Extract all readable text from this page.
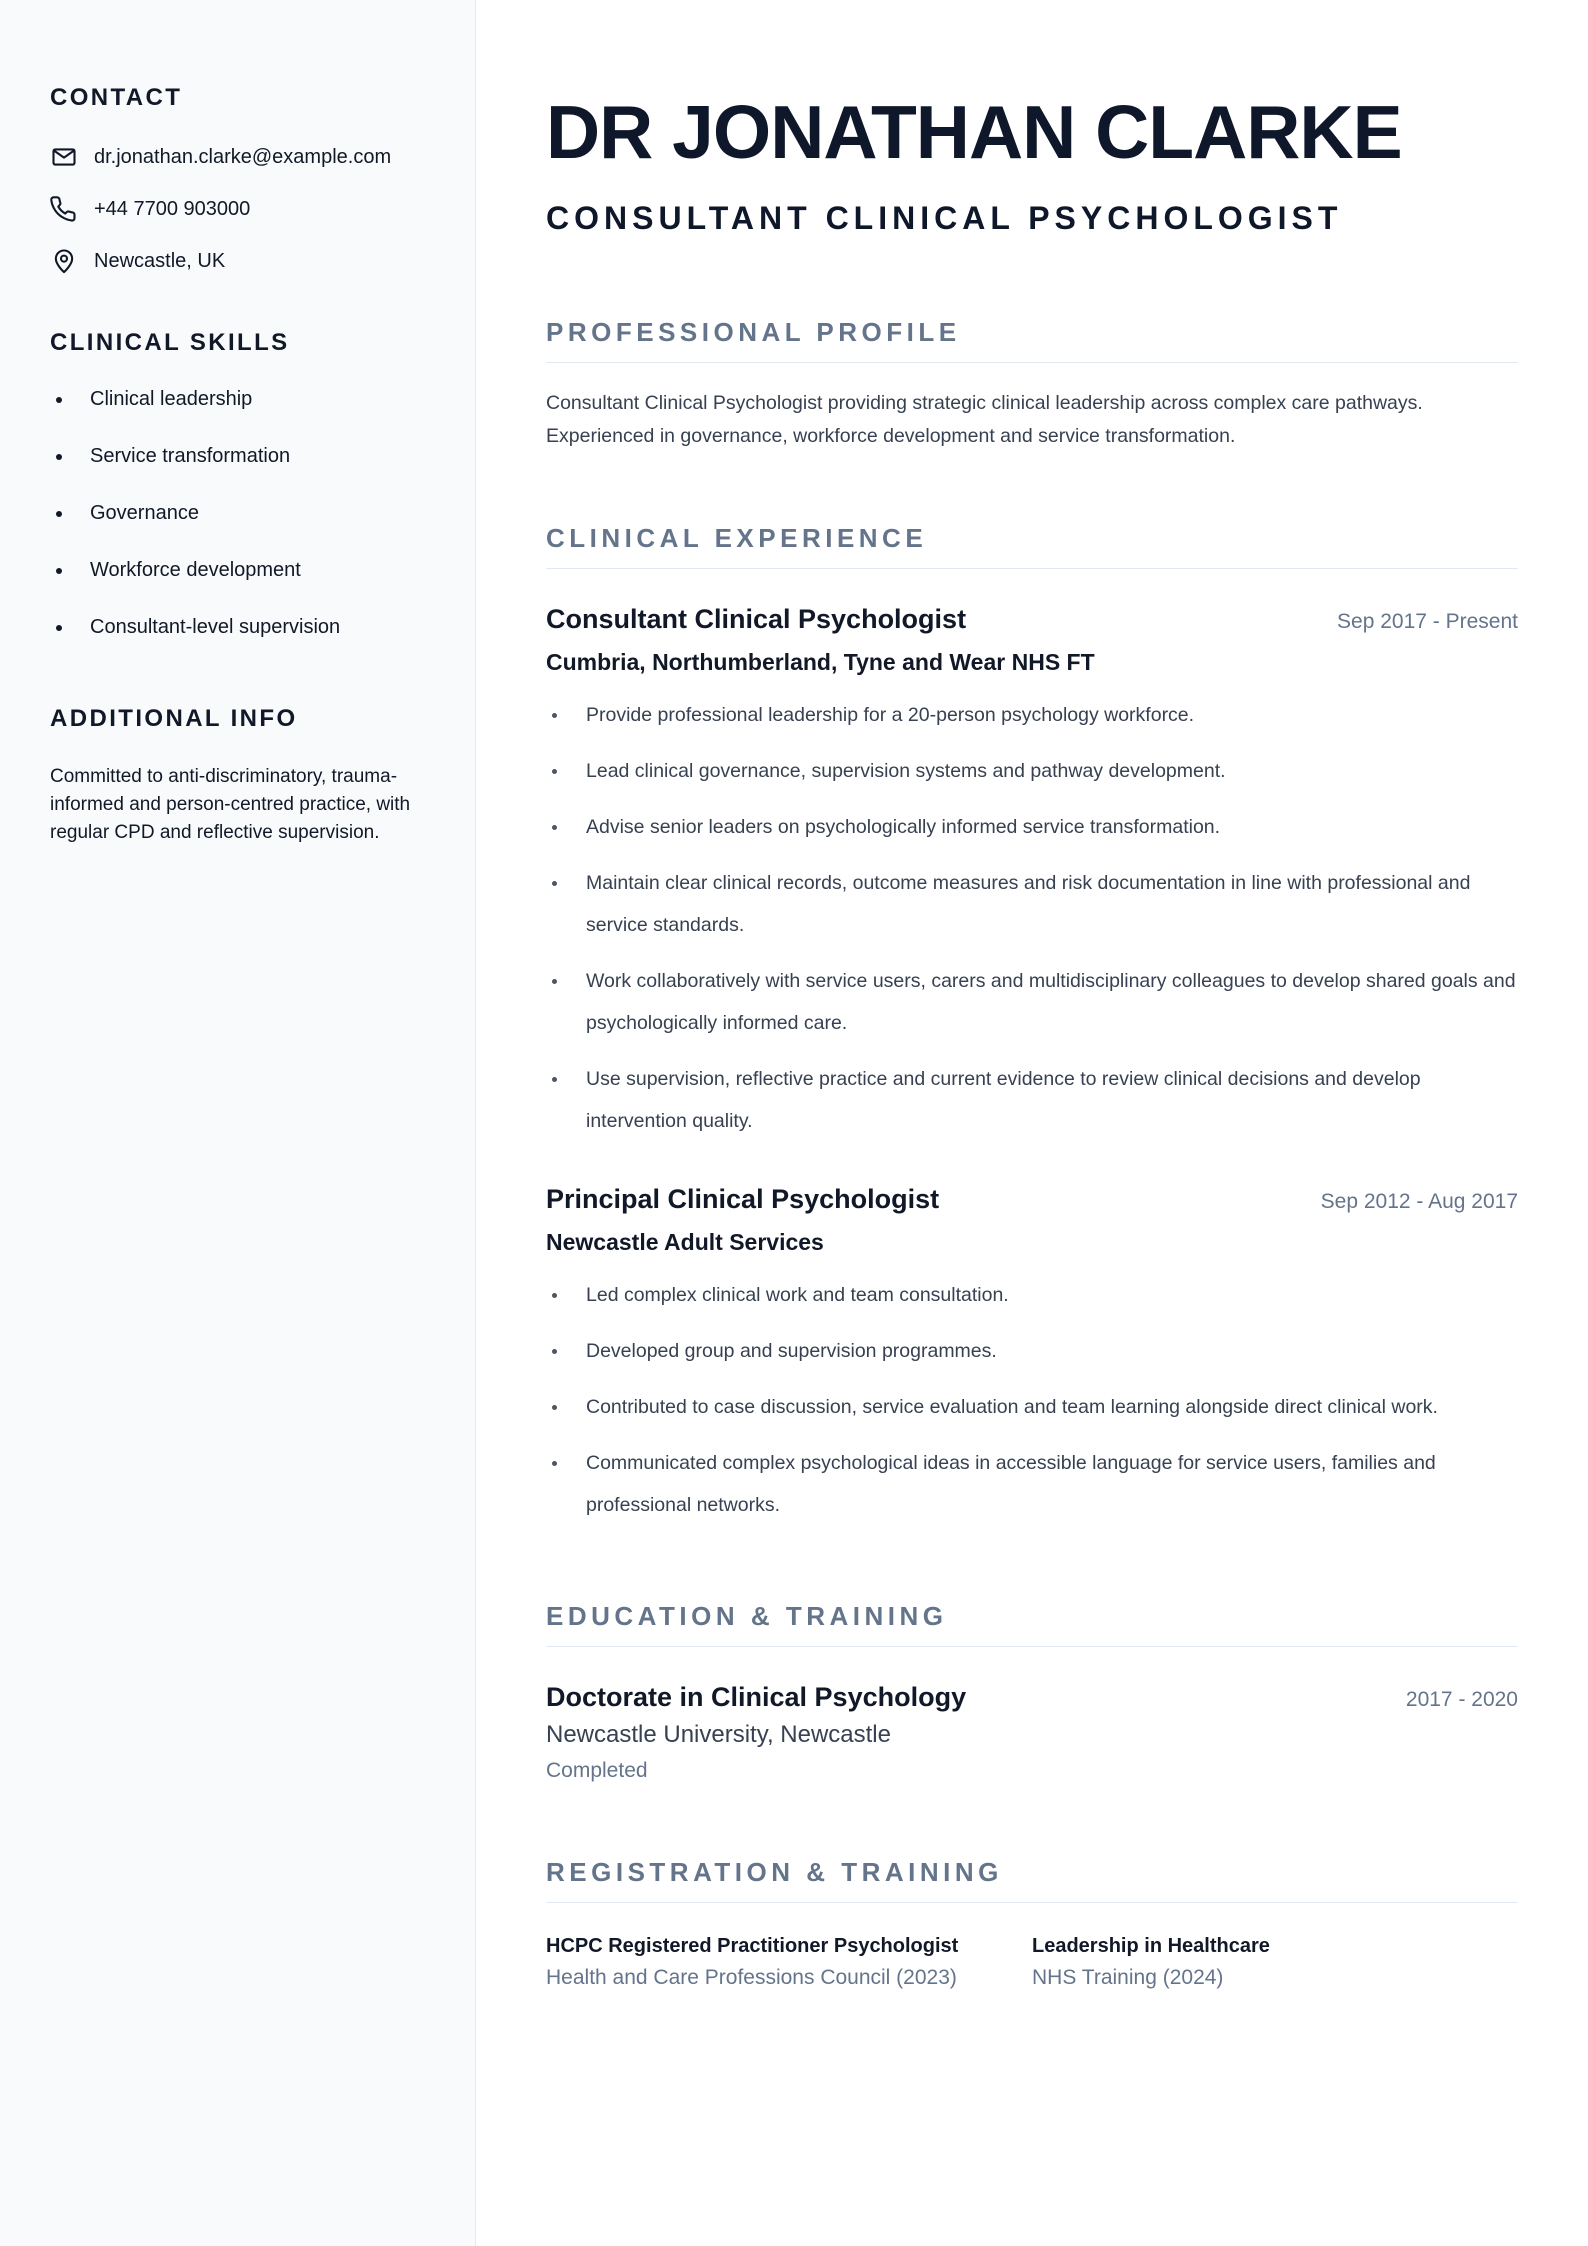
CONTACT
dr.jonathan.clarke@example.com
+44 7700 903000
Newcastle, UK
CLINICAL SKILLS
Clinical leadership
Service transformation
Governance
Workforce development
Consultant-level supervision
ADDITIONAL INFO

Committed to anti-discriminatory, trauma-informed and person-centred practice, with regular CPD and reflective supervision.

DR JONATHAN CLARKE
CONSULTANT CLINICAL PSYCHOLOGIST
PROFESSIONAL PROFILE

Consultant Clinical Psychologist providing strategic clinical leadership across complex care pathways. Experienced in governance, workforce development and service transformation.

CLINICAL EXPERIENCE
Consultant Clinical Psychologist	Sep 2017 - Present
Cumbria, Northumberland, Tyne and Wear NHS FT
Provide professional leadership for a 20-person psychology workforce.
Lead clinical governance, supervision systems and pathway development.
Advise senior leaders on psychologically informed service transformation.
Maintain clear clinical records, outcome measures and risk documentation in line with professional and service standards.
Work collaboratively with service users, carers and multidisciplinary colleagues to develop shared goals and psychologically informed care.
Use supervision, reflective practice and current evidence to review clinical decisions and develop intervention quality.
Principal Clinical Psychologist	Sep 2012 - Aug 2017
Newcastle Adult Services
Led complex clinical work and team consultation.
Developed group and supervision programmes.
Contributed to case discussion, service evaluation and team learning alongside direct clinical work.
Communicated complex psychological ideas in accessible language for service users, families and professional networks.
EDUCATION & TRAINING
Doctorate in Clinical Psychology	2017 - 2020
Newcastle University, Newcastle
Completed
REGISTRATION & TRAINING
HCPC Registered Practitioner Psychologist
Health and Care Professions Council (2023)
Leadership in Healthcare
NHS Training (2024)
